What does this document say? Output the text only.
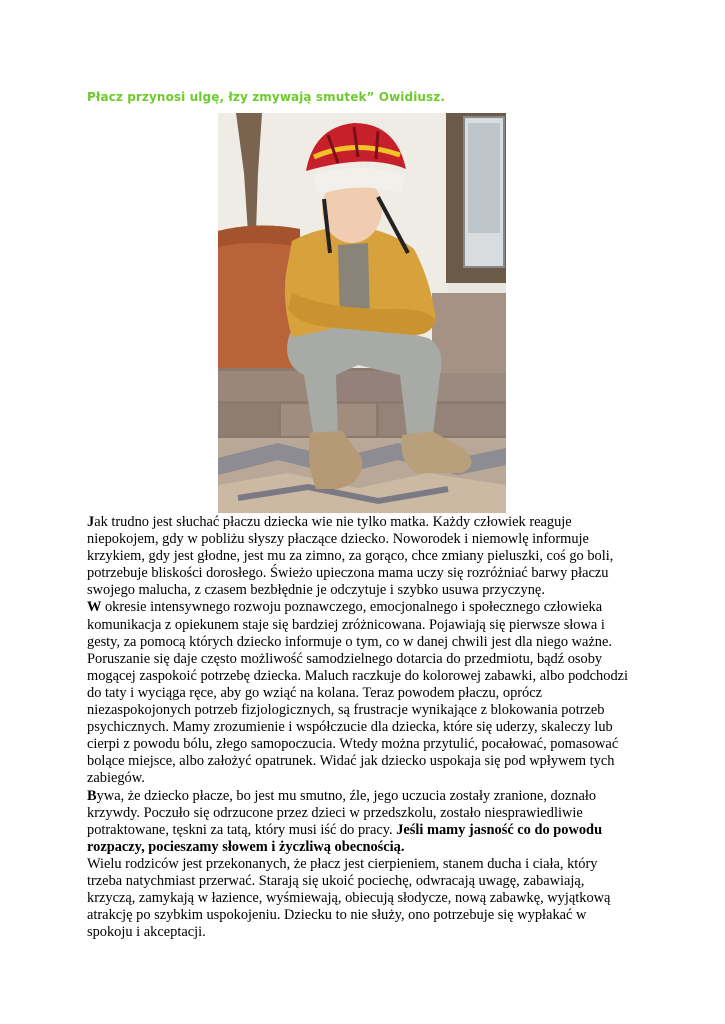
Płacz przynosi ulgę, łzy zmywają smutek” Owidiusz.

Jak trudno jest słuchać płaczu dziecka wie nie tylko matka. Każdy człowiek reaguje
niepokojem, gdy w pobliżu słyszy płaczące dziecko. Noworodek i niemowlę informuje
krzykiem, gdy jest głodne, jest mu za zimno, za gorąco, chce zmiany pieluszki, coś go boli,
potrzebuje bliskości dorosłego. Świeżo upieczona mama uczy się rozróżniać barwy płaczu
swojego malucha, z czasem bezbłędnie je odczytuje i szybko usuwa przyczynę.

W okresie intensywnego rozwoju poznawczego, emocjonalnego i społecznego człowieka
komunikacja z opiekunem staje się bardziej zróżnicowana. Pojawiają się pierwsze słowa i
gesty, za pomocą których dziecko informuje o tym, co w danej chwili jest dla niego ważne.
Poruszanie się daje często możliwość samodzielnego dotarcia do przedmiotu, bądź osoby
mogącej zaspokoić potrzebę dziecka. Maluch raczkuje do kolorowej zabawki, albo podchodzi
do taty i wyciąga ręce, aby go wziąć na kolana. Teraz powodem płaczu, oprócz
niezaspokojonych potrzeb fizjologicznych, są frustracje wynikające z blokowania potrzeb
psychicznych. Mamy zrozumienie i współczucie dla dziecka, które się uderzy, skaleczy lub
cierpi z powodu bólu, złego samopoczucia. Wtedy można przytulić, pocałować, pomasować
bolące miejsce, albo założyć opatrunek. Widać jak dziecko uspokaja się pod wpływem tych
zabiegów.

Bywa, że dziecko płacze, bo jest mu smutno, źle, jego uczucia zostały zranione, doznało
krzywdy. Poczuło się odrzucone przez dzieci w przedszkolu, zostało niesprawiedliwie
potraktowane, tęskni za tatą, który musi iść do pracy. Jeśli mamy jasność co do powodu
rozpaczy, pocieszamy słowem i życzliwą obecnością.

Wielu rodziców jest przekonanych, że płacz jest cierpieniem, stanem ducha i ciała, który
trzeba natychmiast przerwać. Starają się ukoić pociechę, odwracają uwagę, zabawiają,
krzyczą, zamykają w łazience, wyśmiewają, obiecują słodycze, nową zabawkę, wyjątkową
atrakcję po szybkim uspokojeniu. Dziecku to nie służy, ono potrzebuje się wypłakać w
spokoju i akceptacji.
